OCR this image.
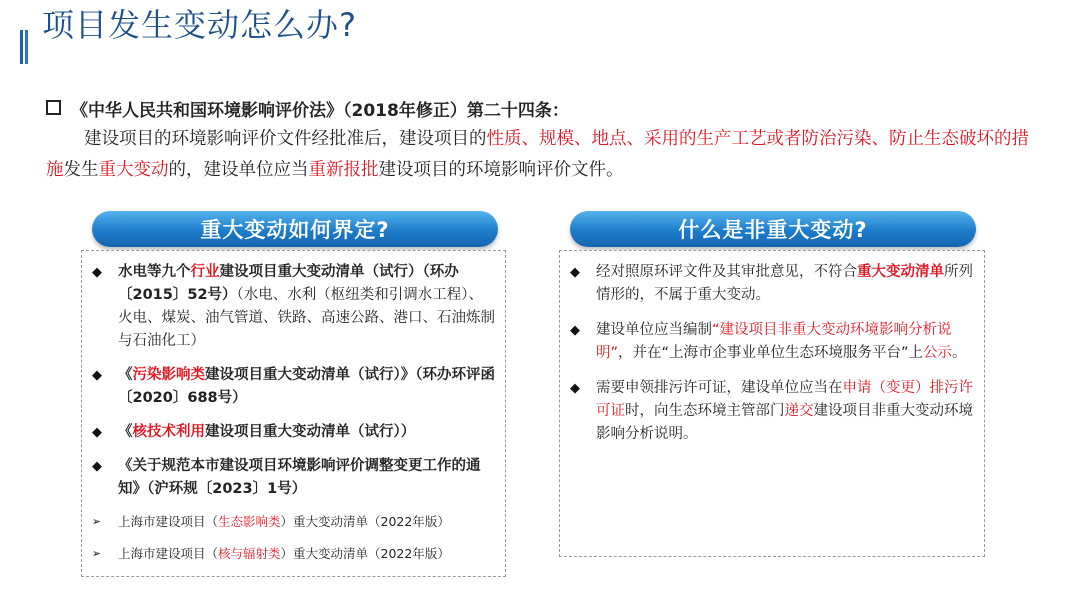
项目发生变动怎么办?
《中华人民共和国环境影响评价法》（2018年修正）第二十四条：

建设项目的环境影响评价文件经批准后，建设项目的性质、规模、地点、采用的生产工艺或者防治污染、防止生态破坏的措施发生重大变动的，建设单位应当重新报批建设项目的环境影响评价文件。

重大变动如何界定?	什么是非重大变动?
◆ 水电等九个行业建设项目重大变动清单（试行）（环办〔2015〕52号）（水电、水利（枢纽类和引调水工程）、火电、煤炭、油气管道、铁路、高速公路、港口、石油炼制与石油化工）
◆ 《污染影响类建设项目重大变动清单（试行）》（环办环评函〔2020〕688号）
◆ 《核技术利用建设项目重大变动清单（试行））
◆ 《关于规范本市建设项目环境影响评价调整变更工作的通知》（沪环规〔2023〕1号）
➢ 上海市建设项目（生态影响类）重大变动清单（2022年版）
➢ 上海市建设项目（核与辐射类）重大变动清单（2022年版）
◆ 经对照原环评文件及其审批意见，不符合重大变动清单所列情形的，不属于重大变动。
◆ 建设单位应当编制“建设项目非重大变动环境影响分析说明”，并在“上海市企事业单位生态环境服务平台”上公示。
◆ 需要申领排污许可证，建设单位应当在申请（变更）排污许可证时，向生态环境主管部门递交建设项目非重大变动环境影响分析说明。
